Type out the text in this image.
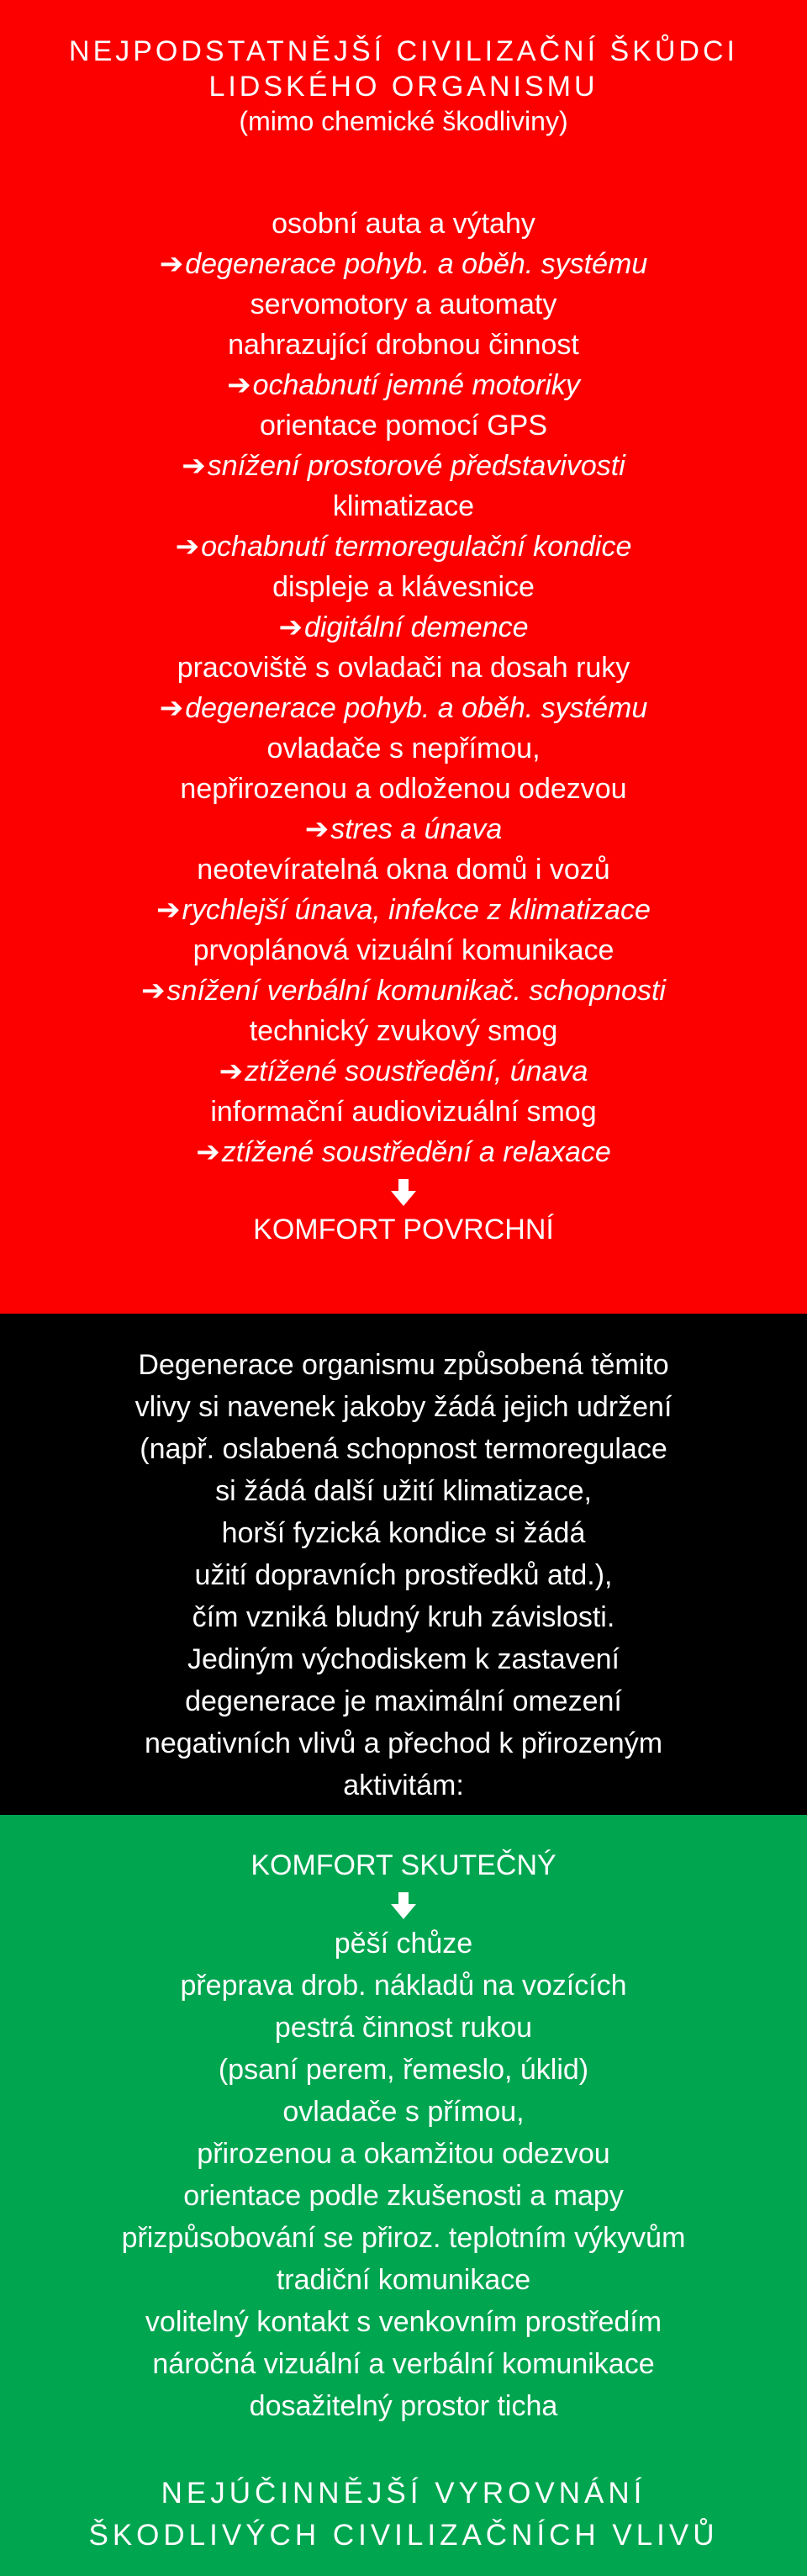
NEJPODSTATNĚJŠÍ CIVILIZAČNÍ ŠKŮDCI
LIDSKÉHO ORGANISMU
(mimo chemické škodliviny)
osobní auta a výtahy
➔degenerace pohyb. a oběh. systému
servomotory a automaty
nahrazující drobnou činnost
➔ochabnutí jemné motoriky
orientace pomocí GPS
➔snížení prostorové představivosti
klimatizace
➔ochabnutí termoregulační kondice
displeje a klávesnice
➔digitální demence
pracoviště s ovladači na dosah ruky
➔degenerace pohyb. a oběh. systému
ovladače s nepřímou,
nepřirozenou a odloženou odezvou
➔stres a únava
neotevíratelná okna domů i vozů
➔rychlejší únava, infekce z klimatizace
prvoplánová vizuální komunikace
➔snížení verbální komunikač. schopnosti
technický zvukový smog
➔ztížené soustředění, únava
informační audiovizuální smog
➔ztížené soustředění a relaxace
KOMFORT POVRCHNÍ
Degenerace organismu způsobená těmito
vlivy si navenek jakoby žádá jejich udržení
(např. oslabená schopnost termoregulace
si žádá další užití klimatizace,
horší fyzická kondice si žádá
užití dopravních prostředků atd.),
čím vzniká bludný kruh závislosti.
Jediným východiskem k zastavení
degenerace je maximální omezení
negativních vlivů a přechod k přirozeným
aktivitám:
KOMFORT SKUTEČNÝ
pěší chůze
přeprava drob. nákladů na vozících
pestrá činnost rukou
(psaní perem, řemeslo, úklid)
ovladače s přímou,
přirozenou a okamžitou odezvou
orientace podle zkušenosti a mapy
přizpůsobování se přiroz. teplotním výkyvům
tradiční komunikace
volitelný kontakt s venkovním prostředím
náročná vizuální a verbální komunikace
dosažitelný prostor ticha
NEJÚČINNĚJŠÍ VYROVNÁNÍ
ŠKODLIVÝCH CIVILIZAČNÍCH VLIVŮ
